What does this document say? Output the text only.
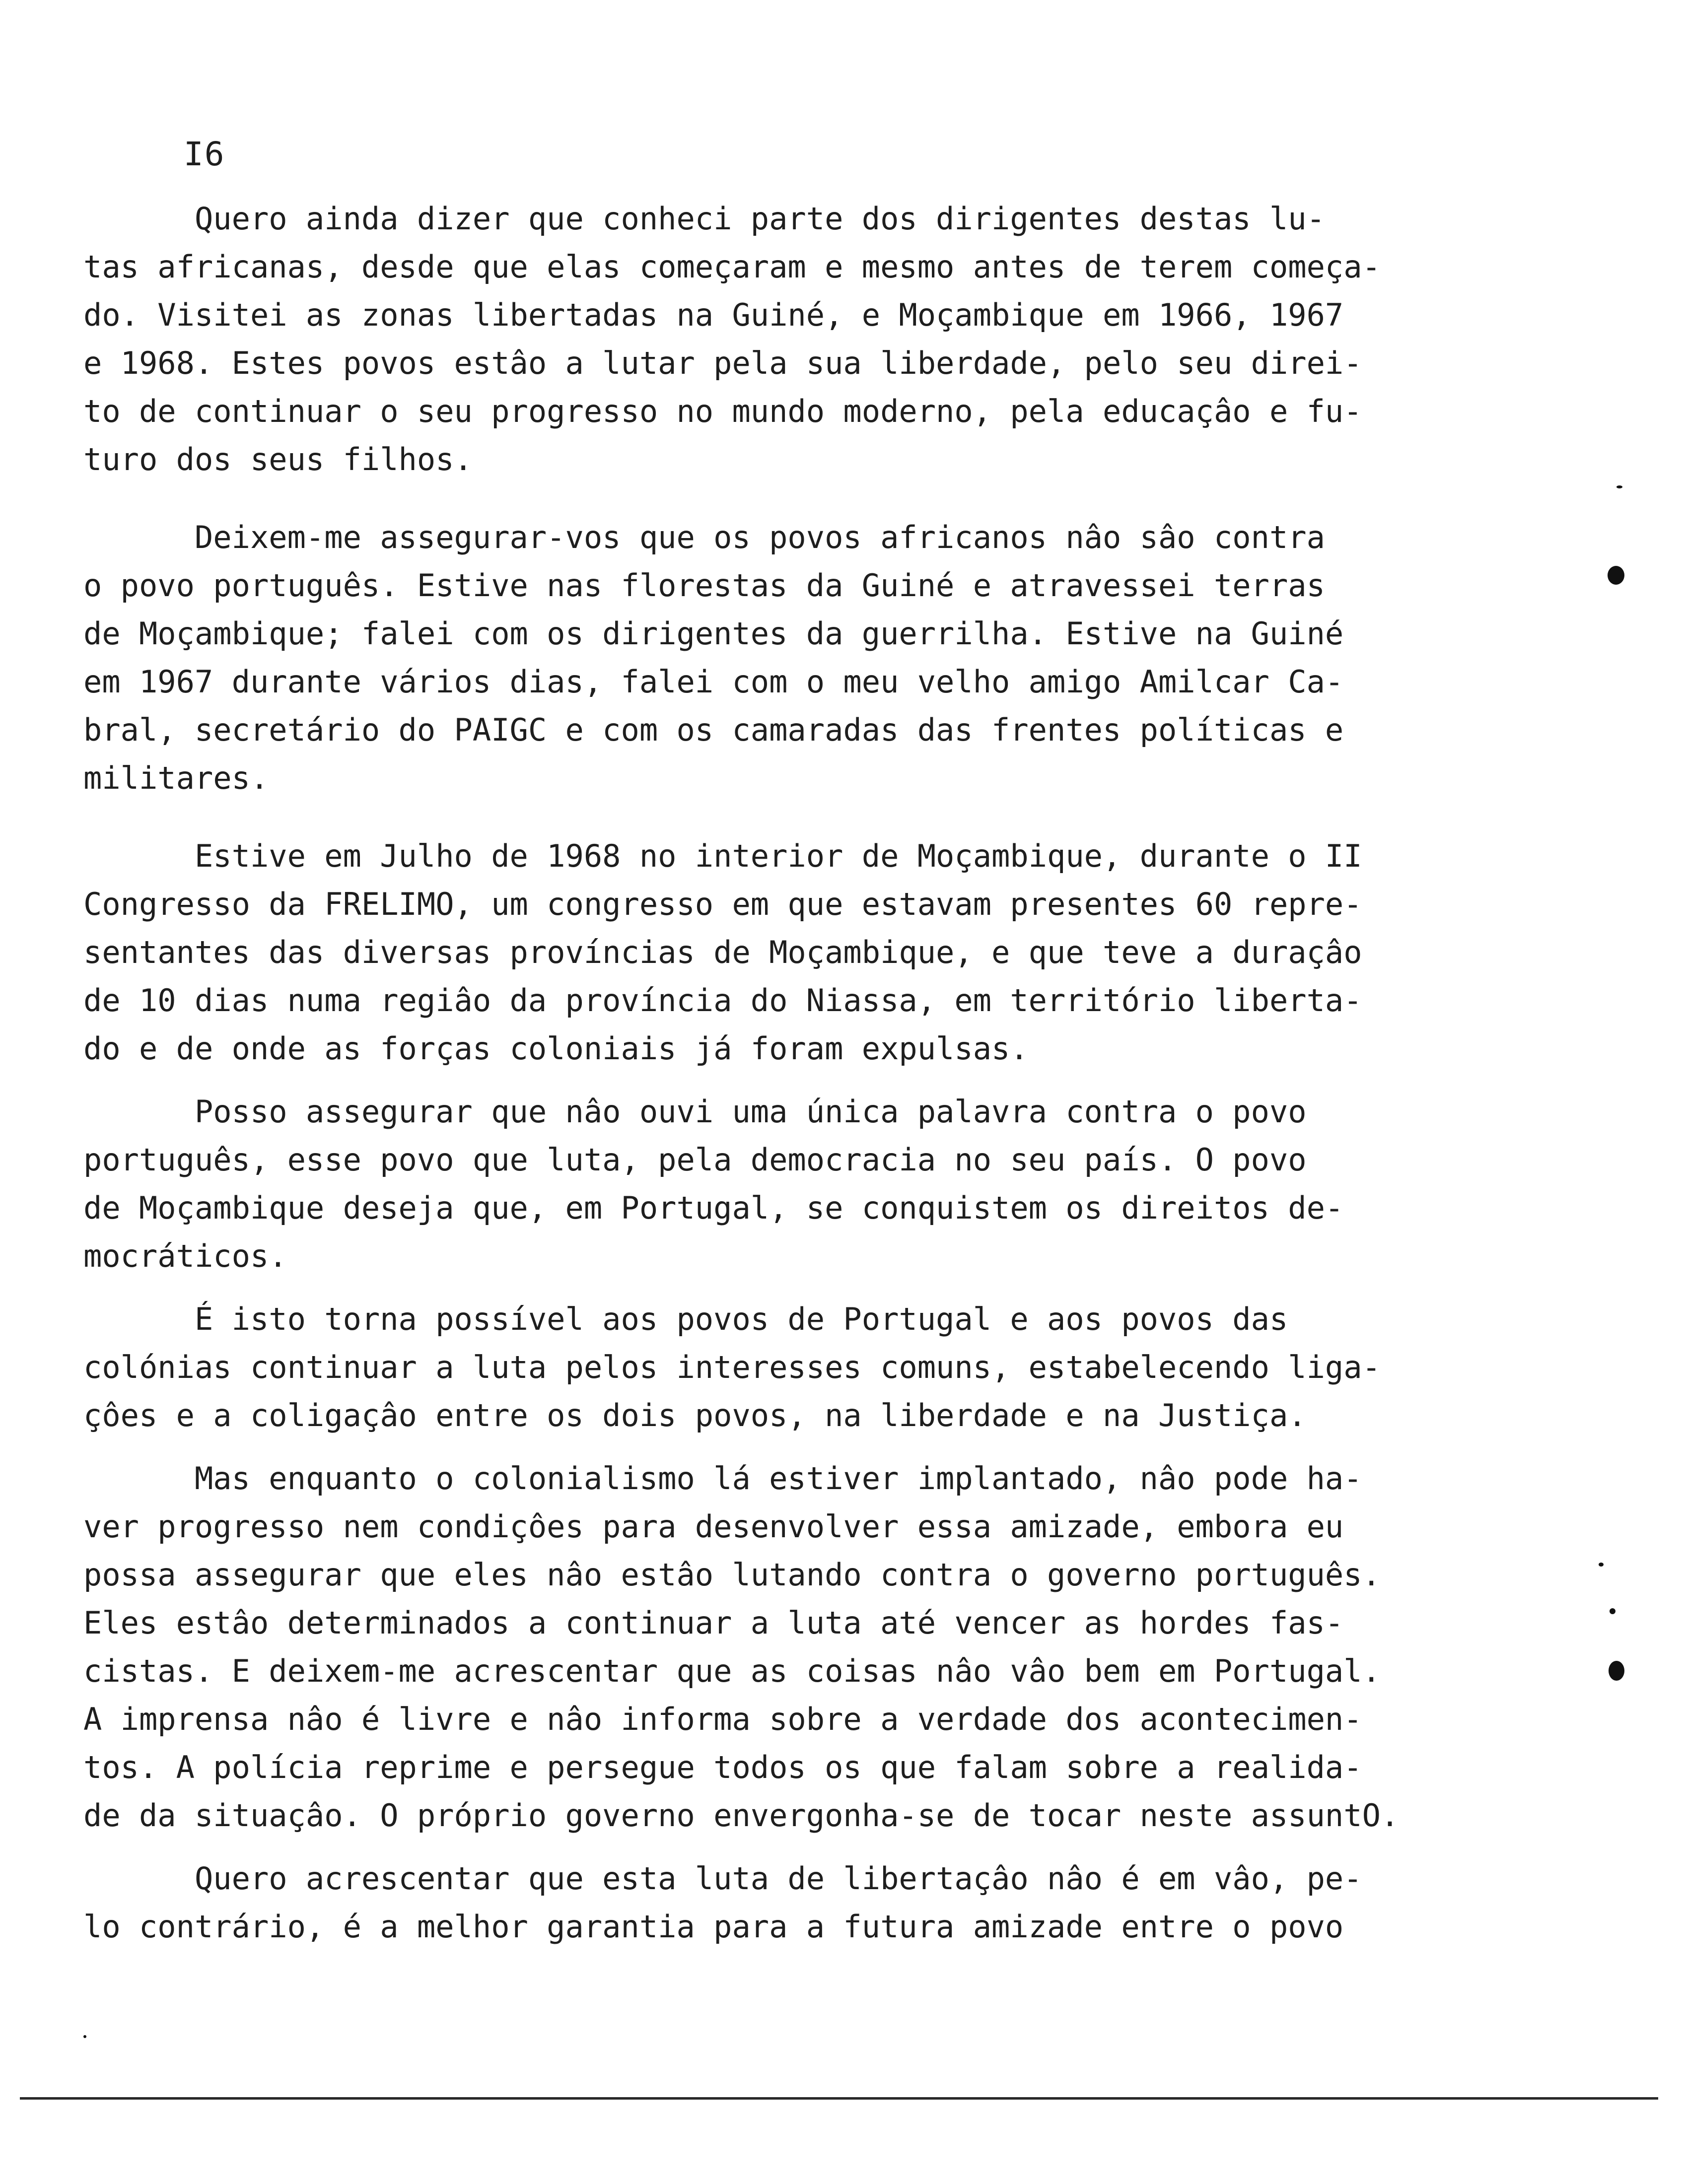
I6

Quero ainda dizer que conheci parte dos dirigentes destas lu-
tas africanas, desde que elas começaram e mesmo antes de terem começa-
do. Visitei as zonas libertadas na Guiné, e Moçambique em 1966, 1967
e 1968. Estes povos estâo a lutar pela sua liberdade, pelo seu direi-
to de continuar o seu progresso no mundo moderno, pela educaçâo e fu-
turo dos seus filhos.

Deixem-me assegurar-vos que os povos africanos nâo sâo contra
o povo português. Estive nas florestas da Guiné e atravessei terras
de Moçambique; falei com os dirigentes da guerrilha. Estive na Guiné
em 1967 durante vários dias, falei com o meu velho amigo Amilcar Ca-
bral, secretário do PAIGC e com os camaradas das frentes políticas e
militares.

Estive em Julho de 1968 no interior de Moçambique, durante o II
Congresso da FRELIMO, um congresso em que estavam presentes 60 repre-
sentantes das diversas províncias de Moçambique, e que teve a duraçâo
de 10 dias numa regiâo da província do Niassa, em território liberta-
do e de onde as forças coloniais já foram expulsas.

Posso assegurar que nâo ouvi uma única palavra contra o povo
português, esse povo que luta, pela democracia no seu país. O povo
de Moçambique deseja que, em Portugal, se conquistem os direitos de-
mocráticos.

É isto torna possível aos povos de Portugal e aos povos das
colónias continuar a luta pelos interesses comuns, estabelecendo liga-
çôes e a coligaçâo entre os dois povos, na liberdade e na Justiça.

Mas enquanto o colonialismo lá estiver implantado, nâo pode ha-
ver progresso nem condiçôes para desenvolver essa amizade, embora eu
possa assegurar que eles nâo estâo lutando contra o governo português.
Eles estâo determinados a continuar a luta até vencer as hordes fas-
cistas. E deixem-me acrescentar que as coisas nâo vâo bem em Portugal.
A imprensa nâo é livre e nâo informa sobre a verdade dos acontecimen-
tos. A polícia reprime e persegue todos os que falam sobre a realida-
de da situaçâo. O próprio governo envergonha-se de tocar neste assuntO.

Quero acrescentar que esta luta de libertaçâo nâo é em vâo, pe-
lo contrário, é a melhor garantia para a futura amizade entre o povo
